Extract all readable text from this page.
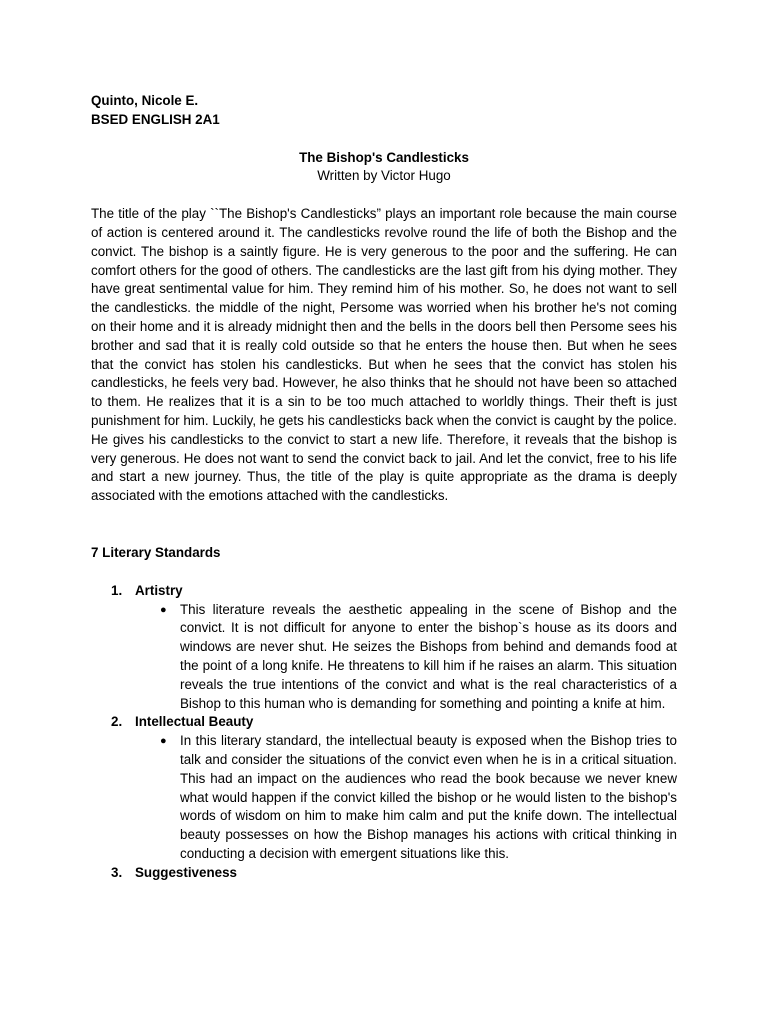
Quinto, Nicole E.

BSED ENGLISH 2A1

The Bishop's Candlesticks

Written by Victor Hugo

The title of the play ``The Bishop's Candlesticks” plays an important role because the main course of action is centered around it. The candlesticks revolve round the life of both the Bishop and the convict. The bishop is a saintly figure. He is very generous to the poor and the suffering. He can comfort others for the good of others. The candlesticks are the last gift from his dying mother. They have great sentimental value for him. They remind him of his mother. So, he does not want to sell the candlesticks. the middle of the night, Persome was worried when his brother he's not coming on their home and it is already midnight then and the bells in the doors bell then Persome sees his brother and sad that it is really cold outside so that he enters the house then. But when he sees that the convict has stolen his candlesticks. But when he sees that the convict has stolen his candlesticks, he feels very bad. However, he also thinks that he should not have been so attached to them. He realizes that it is a sin to be too much attached to worldly things. Their theft is just punishment for him. Luckily, he gets his candlesticks back when the convict is caught by the police. He gives his candlesticks to the convict to start a new life. Therefore, it reveals that the bishop is very generous. He does not want to send the convict back to jail. And let the convict, free to his life and start a new journey. Thus, the title of the play is quite appropriate as the drama is deeply associated with the emotions attached with the candlesticks.

7 Literary Standards

1. Artistry
● This literature reveals the aesthetic appealing in the scene of Bishop and the convict. It is not difficult for anyone to enter the bishop`s house as its doors and windows are never shut. He seizes the Bishops from behind and demands food at the point of a long knife. He threatens to kill him if he raises an alarm. This situation reveals the true intentions of the convict and what is the real characteristics of a Bishop to this human who is demanding for something and pointing a knife at him.
2. Intellectual Beauty
● In this literary standard, the intellectual beauty is exposed when the Bishop tries to talk and consider the situations of the convict even when he is in a critical situation. This had an impact on the audiences who read the book because we never knew what would happen if the convict killed the bishop or he would listen to the bishop's words of wisdom on him to make him calm and put the knife down. The intellectual beauty possesses on how the Bishop manages his actions with critical thinking in conducting a decision with emergent situations like this.
3. Suggestiveness
